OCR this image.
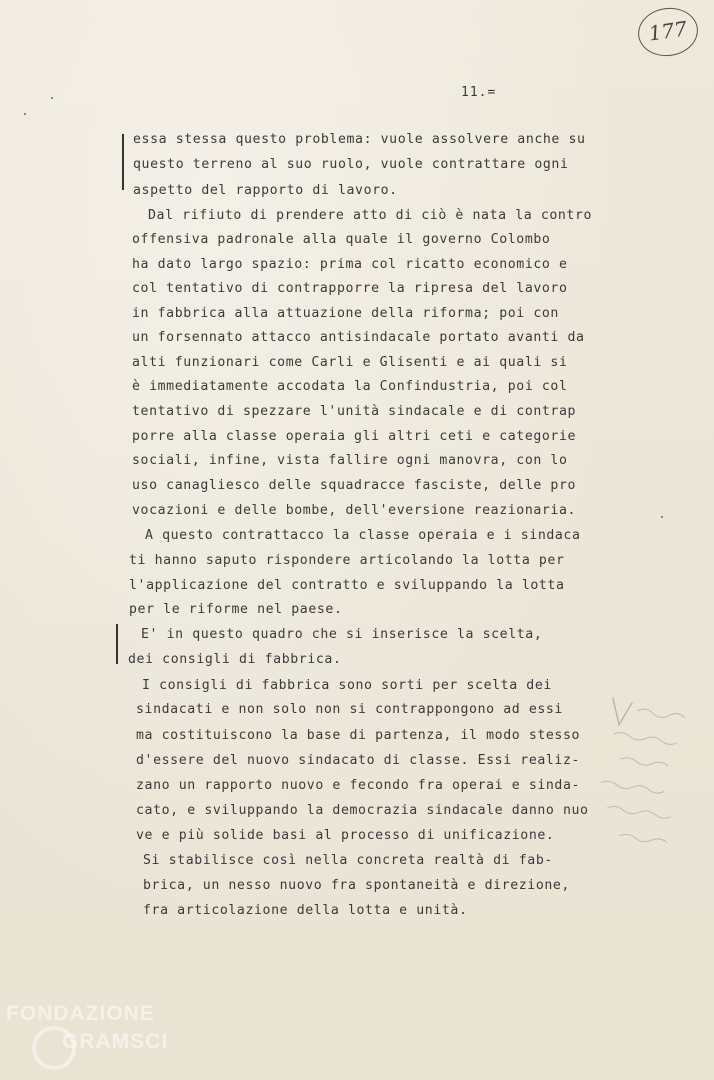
177
11.=
essa stessa questo problema: vuole assolvere anche su
questo terreno al suo ruolo, vuole contrattare ogni
aspetto del rapporto di lavoro.
Dal rifiuto di prendere atto di ciò è nata la contro
offensiva padronale alla quale il governo Colombo
ha dato largo spazio: prima col ricatto economico e
col tentativo di contrapporre la ripresa del lavoro
in fabbrica alla attuazione della riforma; poi con
un forsennato attacco antisindacale portato avanti da
alti funzionari come Carli e Glisenti e ai quali si
è immediatamente accodata la Confindustria, poi col
tentativo di spezzare l'unità sindacale e di contrap
porre alla classe operaia gli altri ceti e categorie
sociali, infine, vista fallire ogni manovra, con lo
uso canagliesco delle squadracce fasciste, delle pro
vocazioni e delle bombe, dell'eversione reazionaria.
A questo contrattacco la classe operaia e i sindaca
ti hanno saputo rispondere articolando la lotta per
l'applicazione del contratto e sviluppando la lotta
per le riforme nel paese.
E' in questo quadro che si inserisce la scelta,
dei consigli di fabbrica.
I consigli di fabbrica sono sorti per scelta dei
sindacati e non solo non si contrappongono ad essi
ma costituiscono la base di partenza, il modo stesso
d'essere del nuovo sindacato di classe. Essi realiz-
zano un rapporto nuovo e fecondo fra operai e sinda-
cato, e sviluppando la democrazia sindacale danno nuo
ve e più solide basi al processo di unificazione.
Si stabilisce così nella concreta realtà di fab-
brica, un nesso nuovo fra spontaneità e direzione,
fra articolazione della lotta e unità.
FONDAZIONE
GRAMSCI
